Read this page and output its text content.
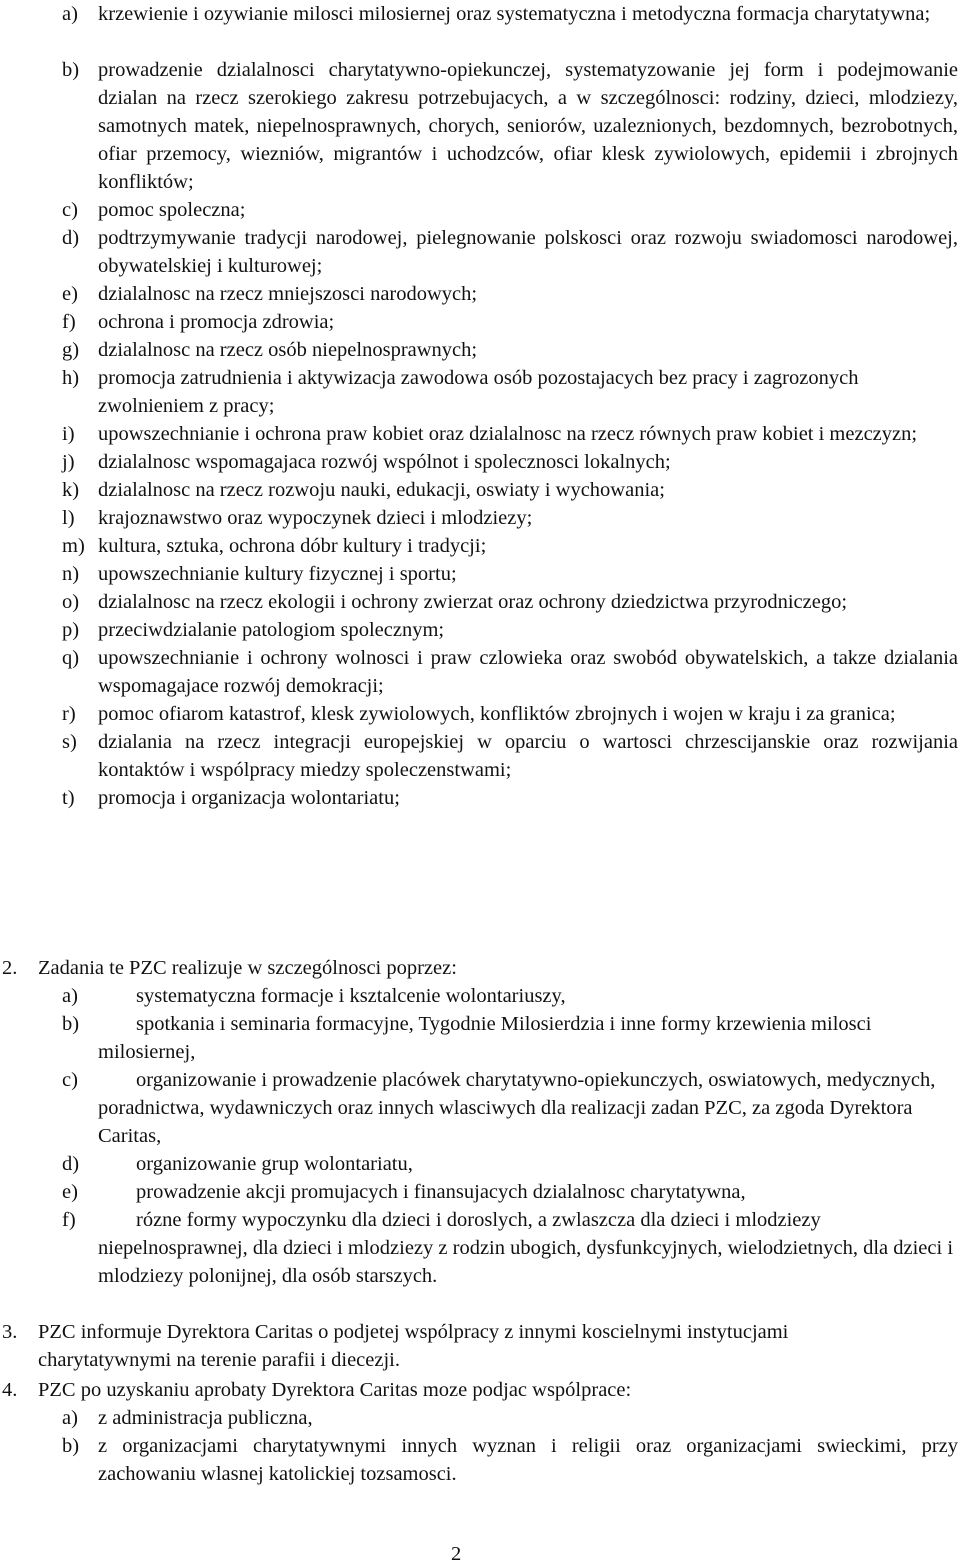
a) krzewienie i ozywianie milosci milosiernej oraz systematyczna i metodyczna formacja charytatywna;
b) prowadzenie dzialalnosci charytatywno-opiekunczej, systematyzowanie jej form i podejmowanie dzialan na rzecz szerokiego zakresu potrzebujacych, a w szczególnosci: rodziny, dzieci, mlodziezy, samotnych matek, niepelnosprawnych, chorych, seniorów, uzaleznionych, bezdomnych, bezrobotnych, ofiar przemocy, wiezniów, migrantów i uchodzców, ofiar klesk zywiolowych, epidemii i zbrojnych konfliktów;
c) pomoc spoleczna;
d) podtrzymywanie tradycji narodowej, pielegnowanie polskosci oraz rozwoju swiadomosci narodowej, obywatelskiej i kulturowej;
e) dzialalnosc na rzecz mniejszosci narodowych;
f) ochrona i promocja zdrowia;
g) dzialalnosc na rzecz osób niepelnosprawnych;
h) promocja zatrudnienia i aktywizacja zawodowa osób pozostajacych bez pracy i zagrozonych zwolnieniem z pracy;
i) upowszechnianie i ochrona praw kobiet oraz dzialalnosc na rzecz równych praw kobiet i mezczyzn;
j) dzialalnosc wspomagajaca rozwój wspólnot i spolecznosci lokalnych;
k) dzialalnosc na rzecz rozwoju nauki, edukacji, oswiaty i wychowania;
l) krajoznawstwo oraz wypoczynek dzieci i mlodziezy;
m) kultura, sztuka, ochrona dóbr kultury i tradycji;
n) upowszechnianie kultury fizycznej i sportu;
o) dzialalnosc na rzecz ekologii i ochrony zwierzat oraz ochrony dziedzictwa przyrodniczego;
p) przeciwdzialanie patologiom spolecznym;
q) upowszechnianie i ochrony wolnosci i praw czlowieka oraz swobód obywatelskich, a takze dzialania wspomagajace rozwój demokracji;
r) pomoc ofiarom katastrof, klesk zywiolowych, konfliktów zbrojnych i wojen w kraju i za granica;
s) dzialania na rzecz integracji europejskiej w oparciu o wartosci chrzescijanskie oraz rozwijania kontaktów i wspólpracy miedzy spoleczenstwami;
t) promocja i organizacja wolontariatu;
2. Zadania te PZC realizuje w szczególnosci poprzez:
a)	systematyczna formacje i ksztalcenie wolontariuszy,
b)	spotkania i seminaria formacyjne, Tygodnie Milosierdzia i inne formy krzewienia milosci milosiernej,
c)	organizowanie i prowadzenie placówek charytatywno-opiekunczych, oswiatowych, medycznych, poradnictwa, wydawniczych oraz innych wlasciwych dla realizacji zadan PZC, za zgoda Dyrektora Caritas,
d)	organizowanie grup wolontariatu,
e)	prowadzenie akcji promujacych i finansujacych dzialalnosc charytatywna,
f)	rózne formy wypoczynku dla dzieci i doroslych, a zwlaszcza dla dzieci i mlodziezy niepelnosprawnej, dla dzieci i mlodziezy z rodzin ubogich, dysfunkcyjnych, wielodzietnych, dla dzieci i mlodziezy polonijnej, dla osób starszych.
3. PZC informuje Dyrektora Caritas o podjetej wspólpracy z innymi koscielnymi instytucjami charytatywnymi na terenie parafii i diecezji.
4. PZC po uzyskaniu aprobaty Dyrektora Caritas moze podjac wspólprace:
a) z administracja publiczna,
b) z organizacjami charytatywnymi innych wyznan i religii oraz organizacjami swieckimi, przy zachowaniu wlasnej katolickiej tozsamosci.
2
